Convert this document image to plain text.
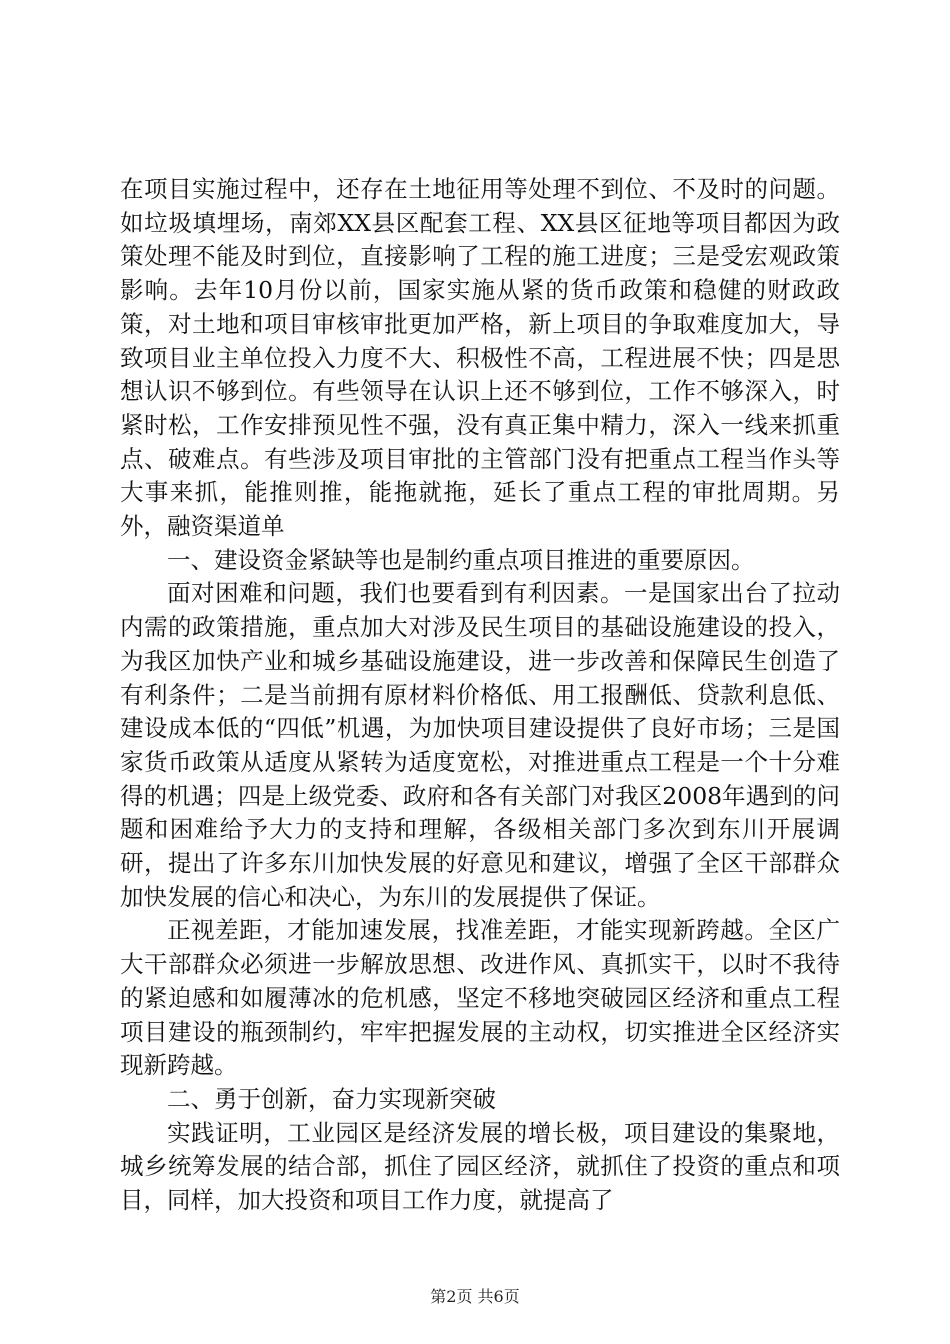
在项目实施过程中，还存在土地征用等处理不到位、不及时的问题。如垃圾填埋场，南郊XX县区配套工程、XX县区征地等项目都因为政策处理不能及时到位，直接影响了工程的施工进度；三是受宏观政策影响。去年10月份以前，国家实施从紧的货币政策和稳健的财政政策，对土地和项目审核审批更加严格，新上项目的争取难度加大，导致项目业主单位投入力度不大、积极性不高，工程进展不快；四是思想认识不够到位。有些领导在认识上还不够到位，工作不够深入，时紧时松，工作安排预见性不强，没有真正集中精力，深入一线来抓重点、破难点。有些涉及项目审批的主管部门没有把重点工程当作头等大事来抓，能推则推，能拖就拖，延长了重点工程的审批周期。另外，融资渠道单

一、建设资金紧缺等也是制约重点项目推进的重要原因。

面对困难和问题，我们也要看到有利因素。一是国家出台了拉动内需的政策措施，重点加大对涉及民生项目的基础设施建设的投入，为我区加快产业和城乡基础设施建设，进一步改善和保障民生创造了有利条件；二是当前拥有原材料价格低、用工报酬低、贷款利息低、建设成本低的“四低”机遇，为加快项目建设提供了良好市场；三是国家货币政策从适度从紧转为适度宽松，对推进重点工程是一个十分难得的机遇；四是上级党委、政府和各有关部门对我区2008年遇到的问题和困难给予大力的支持和理解，各级相关部门多次到东川开展调研，提出了许多东川加快发展的好意见和建议，增强了全区干部群众加快发展的信心和决心，为东川的发展提供了保证。

正视差距，才能加速发展，找准差距，才能实现新跨越。全区广大干部群众必须进一步解放思想、改进作风、真抓实干，以时不我待的紧迫感和如履薄冰的危机感，坚定不移地突破园区经济和重点工程项目建设的瓶颈制约，牢牢把握发展的主动权，切实推进全区经济实现新跨越。

二、勇于创新，奋力实现新突破

实践证明，工业园区是经济发展的增长极，项目建设的集聚地，城乡统筹发展的结合部，抓住了园区经济，就抓住了投资的重点和项目，同样，加大投资和项目工作力度，就提高了

第2页 共6页
